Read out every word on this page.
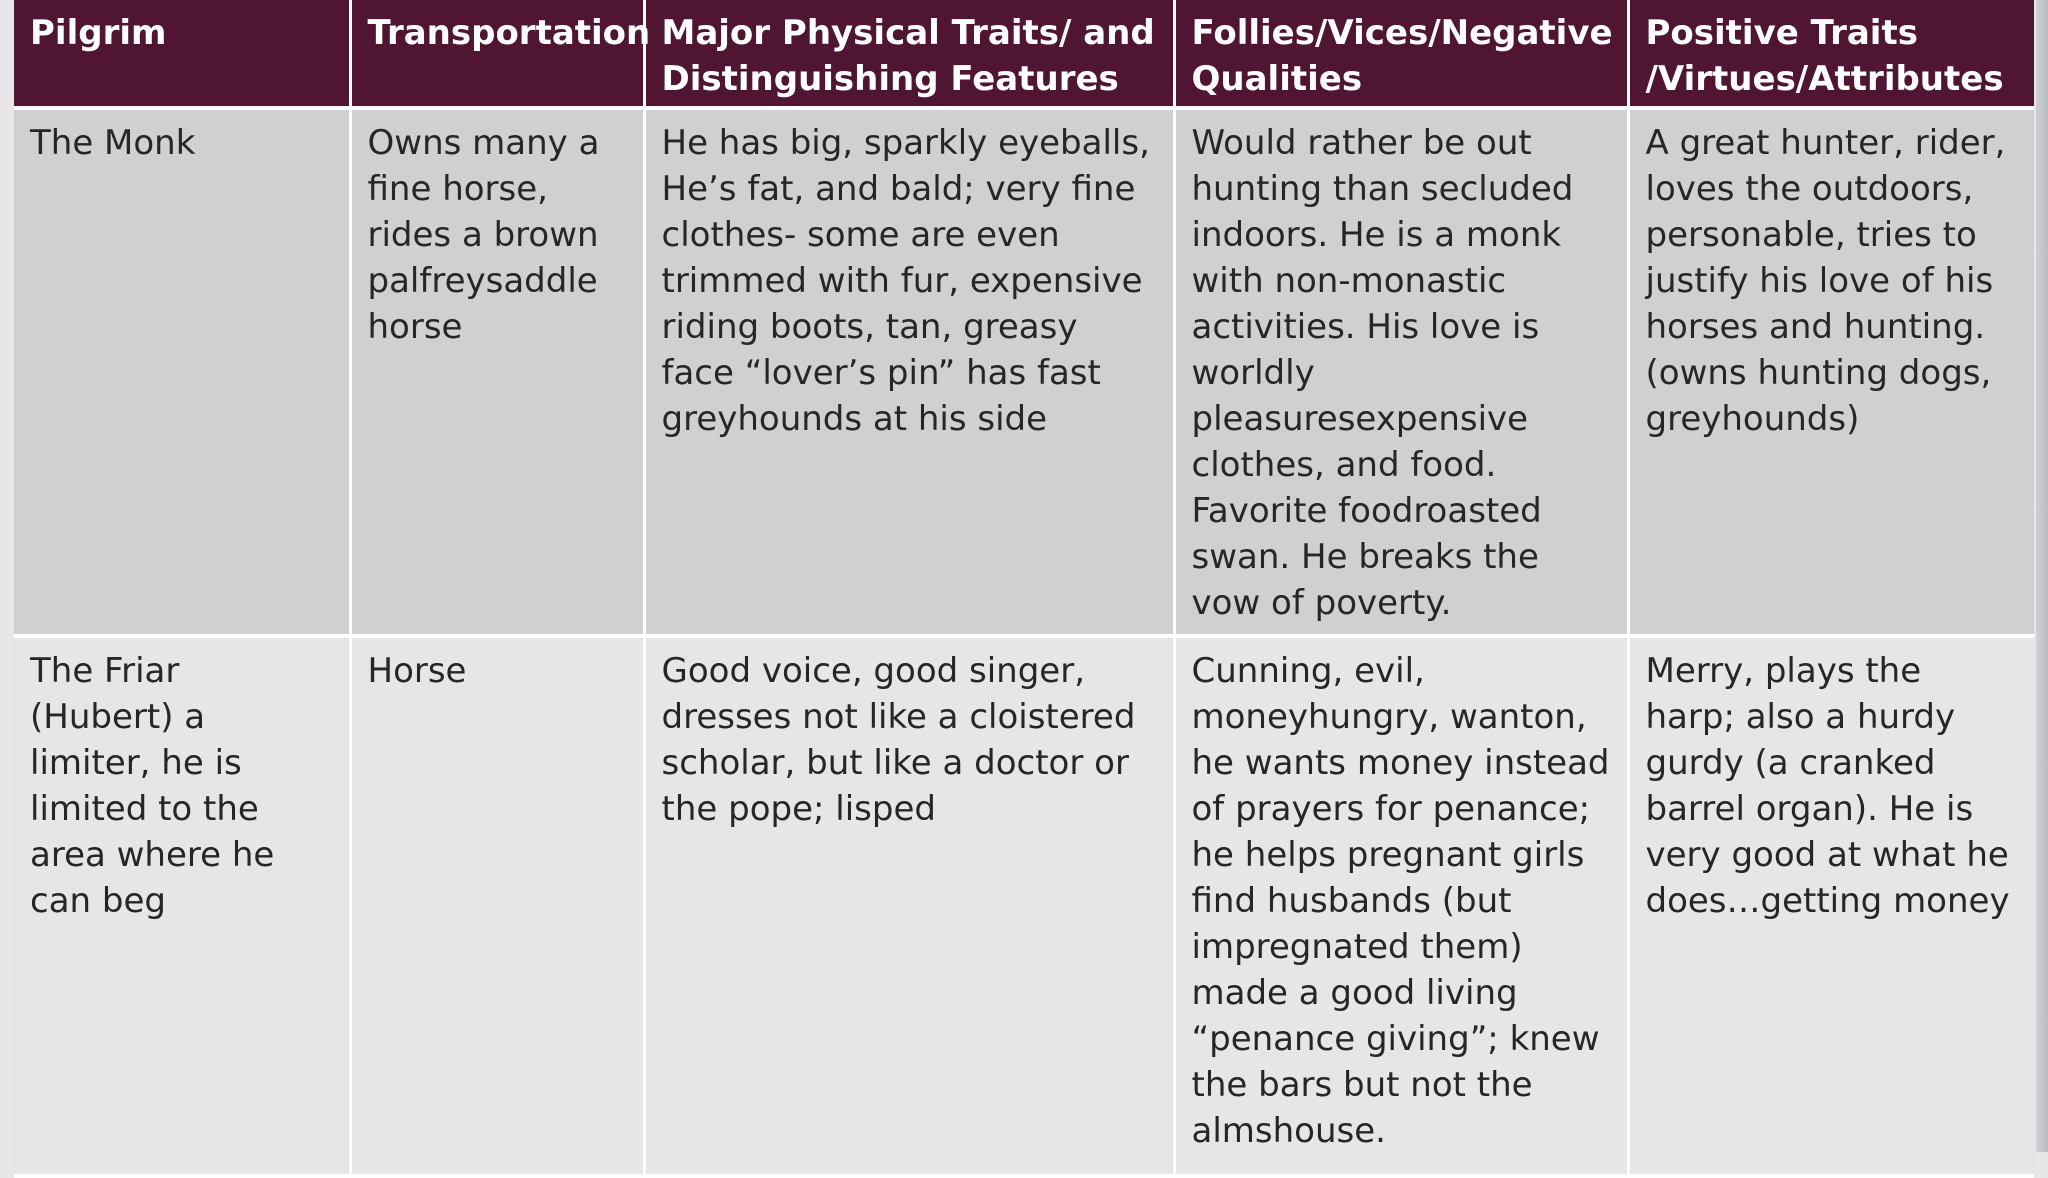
Pilgrim	Transportation	Major Physical Traits/ and Distinguishing Features	Follies/Vices/Negative Qualities	Positive Traits /Virtues/Attributes
The Monk	Owns many a fine horse, rides a brown palfreysaddle horse	He has big, sparkly eyeballs, He’s fat, and bald; very fine clothes- some are even trimmed with fur, expensive riding boots, tan, greasy face “lover’s pin” has fast greyhounds at his side	Would rather be out hunting than secluded indoors. He is a monk with non-monastic activities. His love is worldly pleasuresexpensive clothes, and food. Favorite foodroasted swan. He breaks the vow of poverty.	A great hunter, rider, loves the outdoors, personable, tries to justify his love of his horses and hunting. (owns hunting dogs, greyhounds)
The Friar (Hubert) a limiter, he is limited to the area where he can beg	Horse	Good voice, good singer, dresses not like a cloistered scholar, but like a doctor or the pope; lisped	Cunning, evil, moneyhungry, wanton, he wants money instead of prayers for penance; he helps pregnant girls find husbands (but impregnated them) made a good living “penance giving”; knew the bars but not the almshouse.	Merry, plays the harp; also a hurdy gurdy (a cranked barrel organ). He is very good at what he does…getting money
